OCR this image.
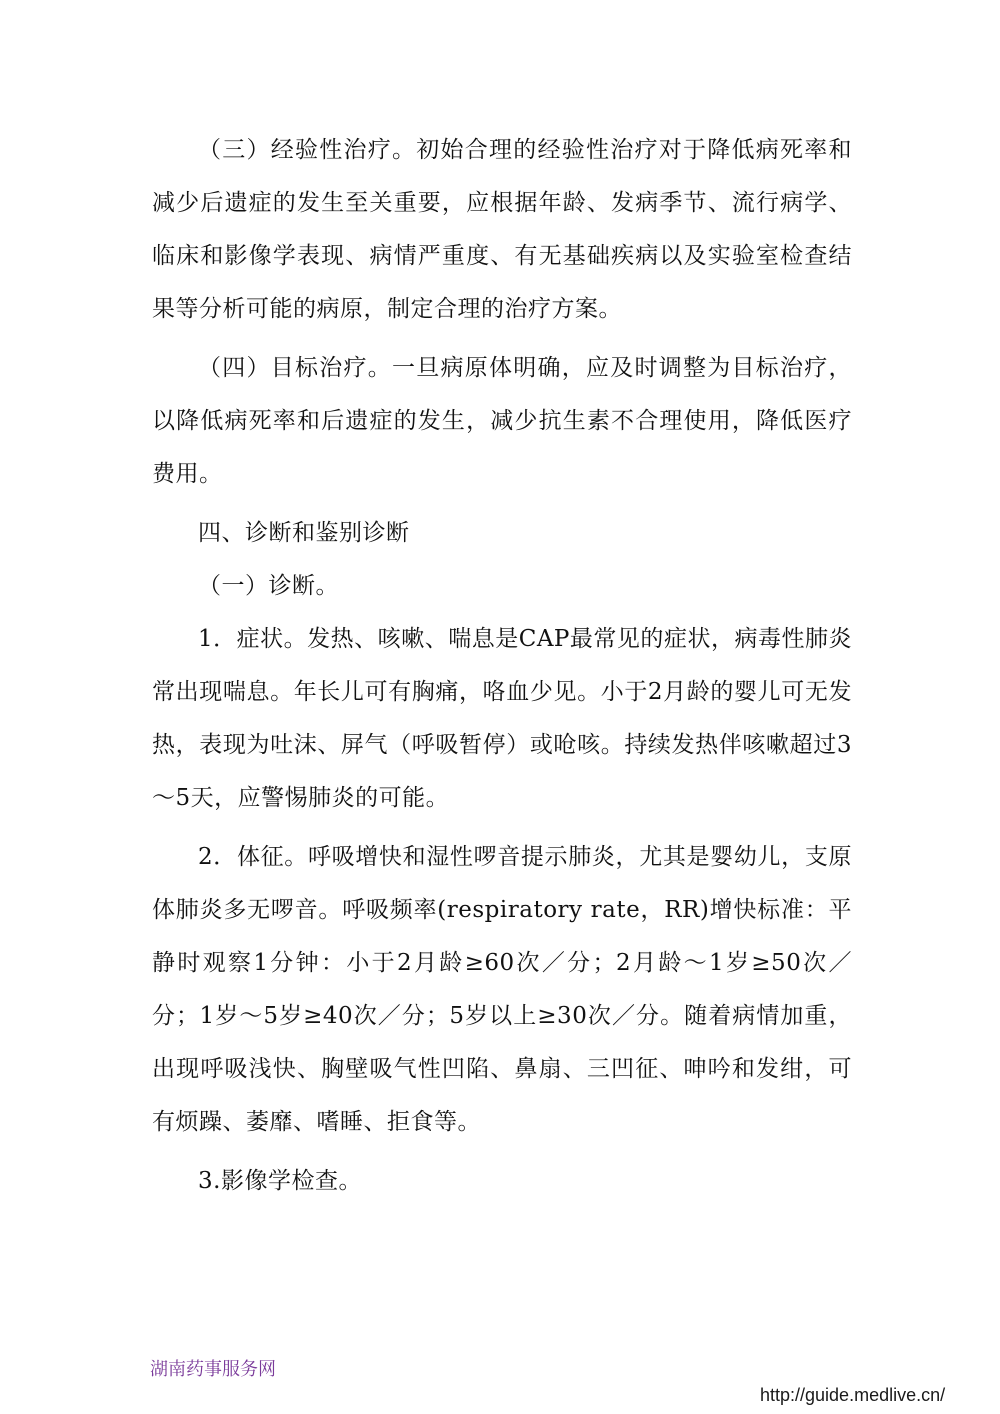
（三）经验性治疗。初始合理的经验性治疗对于降低病死率和减少后遗症的发生至关重要，应根据年龄、发病季节、流行病学、临床和影像学表现、病情严重度、有无基础疾病以及实验室检查结果等分析可能的病原，制定合理的治疗方案。

（四）目标治疗。一旦病原体明确，应及时调整为目标治疗，以降低病死率和后遗症的发生，减少抗生素不合理使用，降低医疗费用。

四、诊断和鉴别诊断

（一）诊断。

1．症状。发热、咳嗽、喘息是CAP最常见的症状，病毒性肺炎常出现喘息。年长儿可有胸痛，咯血少见。小于2月龄的婴儿可无发热，表现为吐沫、屏气（呼吸暂停）或呛咳。持续发热伴咳嗽超过3～5天，应警惕肺炎的可能。

2．体征。呼吸增快和湿性啰音提示肺炎，尤其是婴幼儿，支原体肺炎多无啰音。呼吸频率(respiratory rate，RR)增快标准：平静时观察1分钟：小于2月龄≥60次／分；2月龄～1岁≥50次／分；1岁～5岁≥40次／分；5岁以上≥30次／分。随着病情加重，出现呼吸浅快、胸壁吸气性凹陷、鼻扇、三凹征、呻吟和发绀，可有烦躁、萎靡、嗜睡、拒食等。

3.影像学检查。

湖南药事服务网
http://guide.medlive.cn/
